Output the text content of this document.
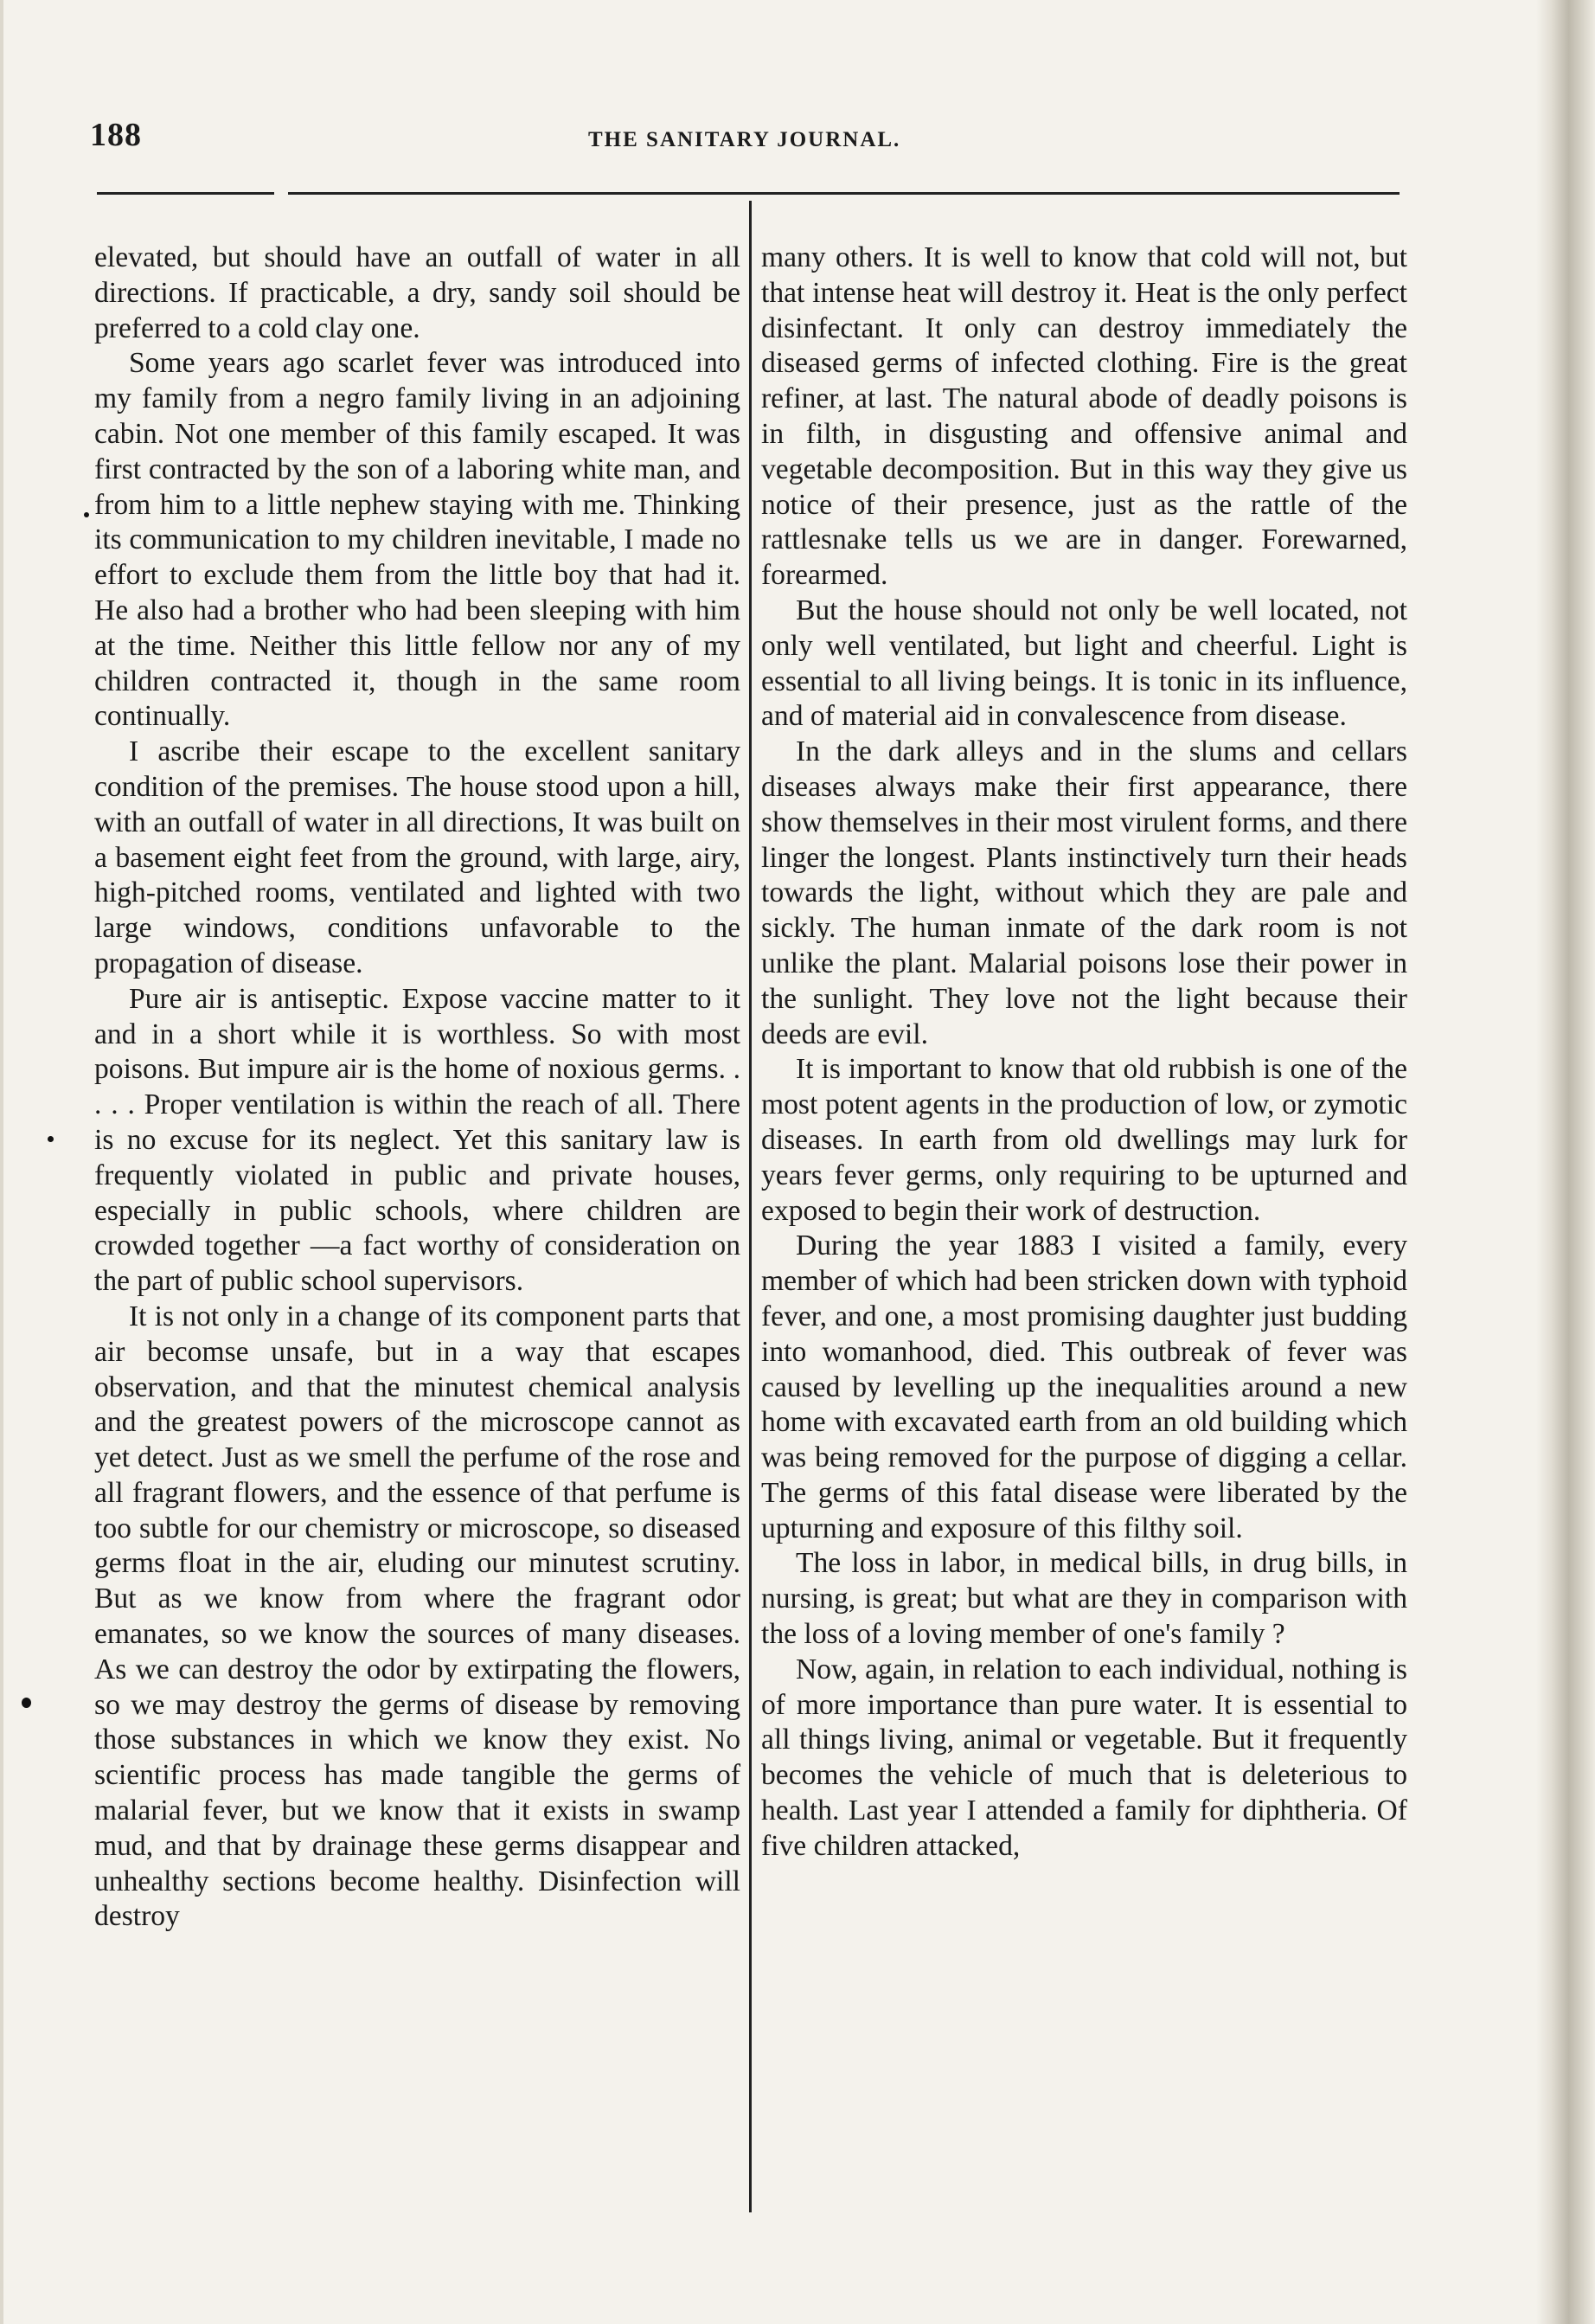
188	THE SANITARY JOURNAL.

elevated, but should have an outfall of water in all directions. If practicable, a dry, sandy soil should be preferred to a cold clay one.

Some years ago scarlet fever was introduced into my family from a negro family living in an adjoining cabin. Not one member of this family escaped. It was first contracted by the son of a laboring white man, and from him to a little nephew staying with me. Thinking its communication to my children inevitable, I made no effort to exclude them from the little boy that had it. He also had a brother who had been sleeping with him at the time. Neither this little fellow nor any of my children contracted it, though in the same room continually.

I ascribe their escape to the excellent sanitary condition of the premises. The house stood upon a hill, with an outfall of water in all directions, It was built on a basement eight feet from the ground, with large, airy, high-pitched rooms, ventilated and lighted with two large windows, conditions unfavorable to the propagation of disease.

Pure air is antiseptic. Expose vaccine matter to it and in a short while it is worthless. So with most poisons. But impure air is the home of noxious germs. . . . . Proper ventilation is within the reach of all. There is no excuse for its neglect. Yet this sanitary law is frequently violated in public and private houses, especially in public schools, where children are crowded together —a fact worthy of consideration on the part of public school supervisors.

It is not only in a change of its component parts that air becomse unsafe, but in a way that escapes observation, and that the minutest chemical analysis and the greatest powers of the microscope cannot as yet detect. Just as we smell the perfume of the rose and all fragrant flowers, and the essence of that perfume is too subtle for our chemistry or microscope, so diseased germs float in the air, eluding our minutest scrutiny. But as we know from where the fragrant odor emanates, so we know the sources of many diseases. As we can destroy the odor by extirpating the flowers, so we may destroy the germs of disease by removing those substances in which we know they exist. No scientific process has made tangible the germs of malarial fever, but we know that it exists in swamp mud, and that by drainage these germs disappear and unhealthy sections become healthy. Disinfection will destroy

many others. It is well to know that cold will not, but that intense heat will destroy it. Heat is the only perfect disinfectant. It only can destroy immediately the diseased germs of infected clothing. Fire is the great refiner, at last. The natural abode of deadly poisons is in filth, in disgusting and offensive animal and vegetable decomposition. But in this way they give us notice of their presence, just as the rattle of the rattlesnake tells us we are in danger. Forewarned, forearmed.

But the house should not only be well located, not only well ventilated, but light and cheerful. Light is essential to all living beings. It is tonic in its influence, and of material aid in convalescence from disease.

In the dark alleys and in the slums and cellars diseases always make their first appearance, there show themselves in their most virulent forms, and there linger the longest. Plants instinctively turn their heads towards the light, without which they are pale and sickly. The human inmate of the dark room is not unlike the plant. Malarial poisons lose their power in the sunlight. They love not the light because their deeds are evil.

It is important to know that old rubbish is one of the most potent agents in the production of low, or zymotic diseases. In earth from old dwellings may lurk for years fever germs, only requiring to be upturned and exposed to begin their work of destruction.

During the year 1883 I visited a family, every member of which had been stricken down with typhoid fever, and one, a most promising daughter just budding into womanhood, died. This outbreak of fever was caused by levelling up the inequalities around a new home with excavated earth from an old building which was being removed for the purpose of digging a cellar. The germs of this fatal disease were liberated by the upturning and exposure of this filthy soil.

The loss in labor, in medical bills, in drug bills, in nursing, is great; but what are they in comparison with the loss of a loving member of one's family ?

Now, again, in relation to each individual, nothing is of more importance than pure water. It is essential to all things living, animal or vegetable. But it frequently becomes the vehicle of much that is deleterious to health. Last year I attended a family for diphtheria. Of five children attacked,
